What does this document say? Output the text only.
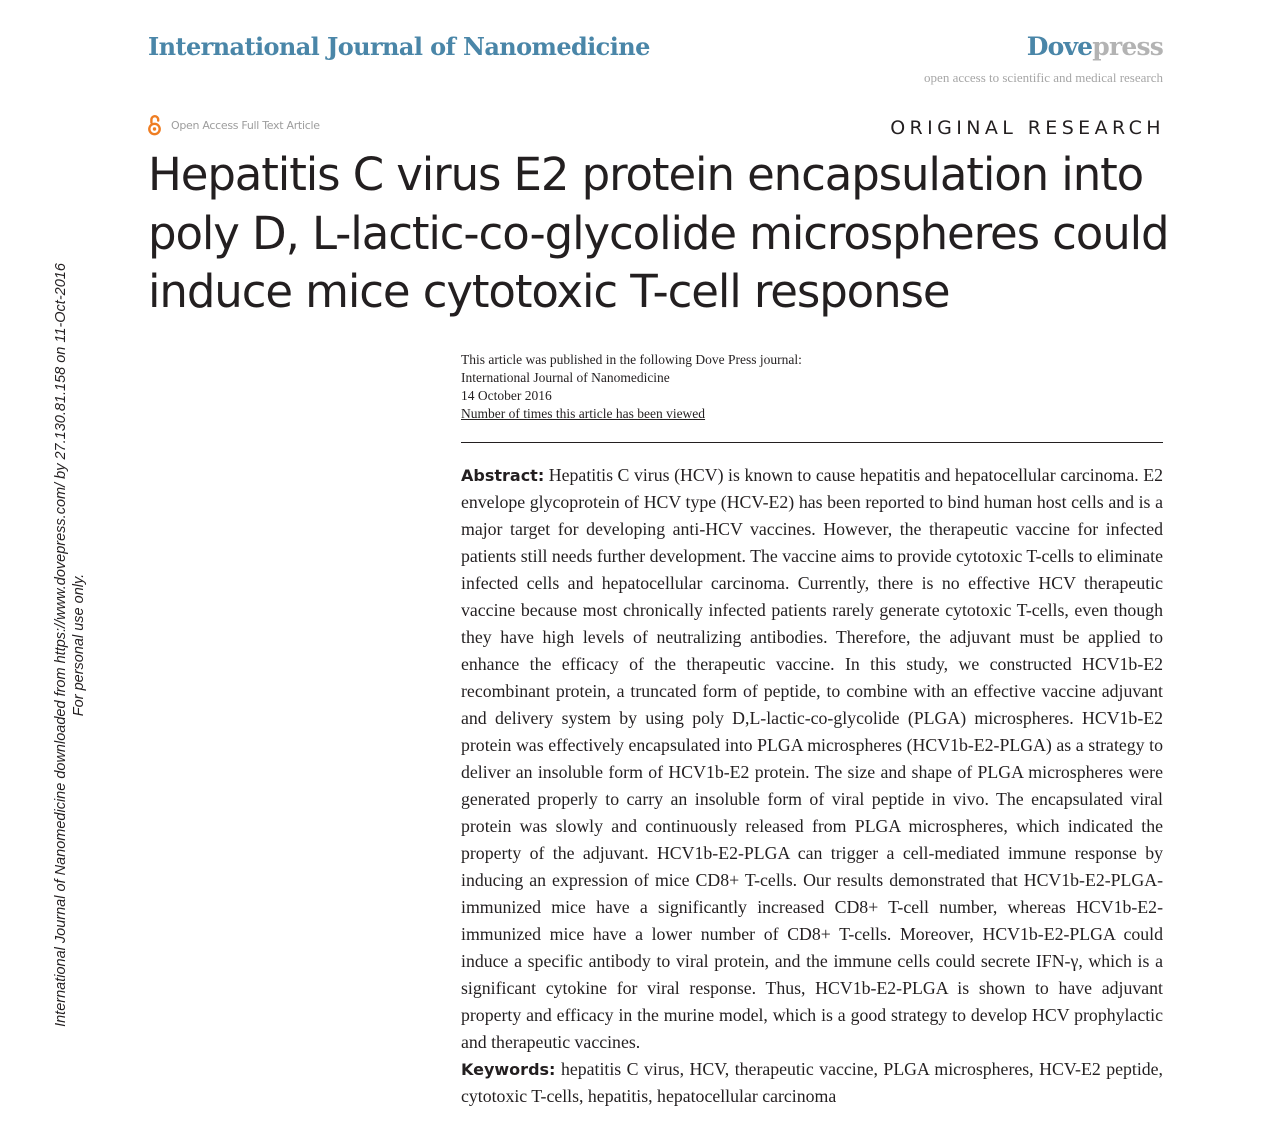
International Journal of Nanomedicine	Dovepress
open access to scientific and medical research
Open Access Full Text Article	ORIGINAL RESEARCH
Hepatitis C virus E2 protein encapsulation into
poly D, L-lactic-co-glycolide microspheres could
induce mice cytotoxic T-cell response
This article was published in the following Dove Press journal:
International Journal of Nanomedicine
14 October 2016
Number of times this article has been viewed

Abstract: Hepatitis C virus (HCV) is known to cause hepatitis and hepatocellular carcinoma. E2 envelope glycoprotein of HCV type (HCV-E2) has been reported to bind human host cells and is a major target for developing anti-HCV vaccines. However, the therapeutic vaccine for infected patients still needs further development. The vaccine aims to provide cytotoxic T-cells to eliminate infected cells and hepatocellular carcinoma. Currently, there is no effective HCV therapeutic vaccine because most chronically infected patients rarely generate cytotoxic T-cells, even though they have high levels of neutralizing antibodies. Therefore, the adjuvant must be applied to enhance the efficacy of the therapeutic vaccine. In this study, we constructed HCV1b-E2 recombinant protein, a truncated form of peptide, to combine with an effective vaccine adjuvant and delivery system by using poly D,L-lactic-co-glycolide (PLGA) microspheres. HCV1b-E2 protein was effectively encapsulated into PLGA microspheres (HCV1b-E2-PLGA) as a strategy to deliver an insoluble form of HCV1b-E2 protein. The size and shape of PLGA microspheres were generated properly to carry an insoluble form of viral peptide in vivo. The encapsulated viral protein was slowly and continuously released from PLGA microspheres, which indicated the property of the adjuvant. HCV1b-E2-PLGA can trigger a cell-mediated immune response by inducing an expression of mice CD8+ T-cells. Our results demonstrated that HCV1b-E2-PLGA-immunized mice have a significantly increased CD8+ T-cell number, whereas HCV1b-E2-immunized mice have a lower number of CD8+ T-cells. Moreover, HCV1b-E2-PLGA could induce a specific antibody to viral protein, and the immune cells could secrete IFN-γ, which is a significant cytokine for viral response. Thus, HCV1b-E2-PLGA is shown to have adjuvant property and efficacy in the murine model, which is a good strategy to develop HCV prophylactic and therapeutic vaccines.

Keywords: hepatitis C virus, HCV, therapeutic vaccine, PLGA microspheres, HCV-E2 peptide, cytotoxic T-cells, hepatitis, hepatocellular carcinoma

International Journal of Nanomedicine downloaded from https://www.dovepress.com/ by 27.130.81.158 on 11-Oct-2016 For personal use only.
